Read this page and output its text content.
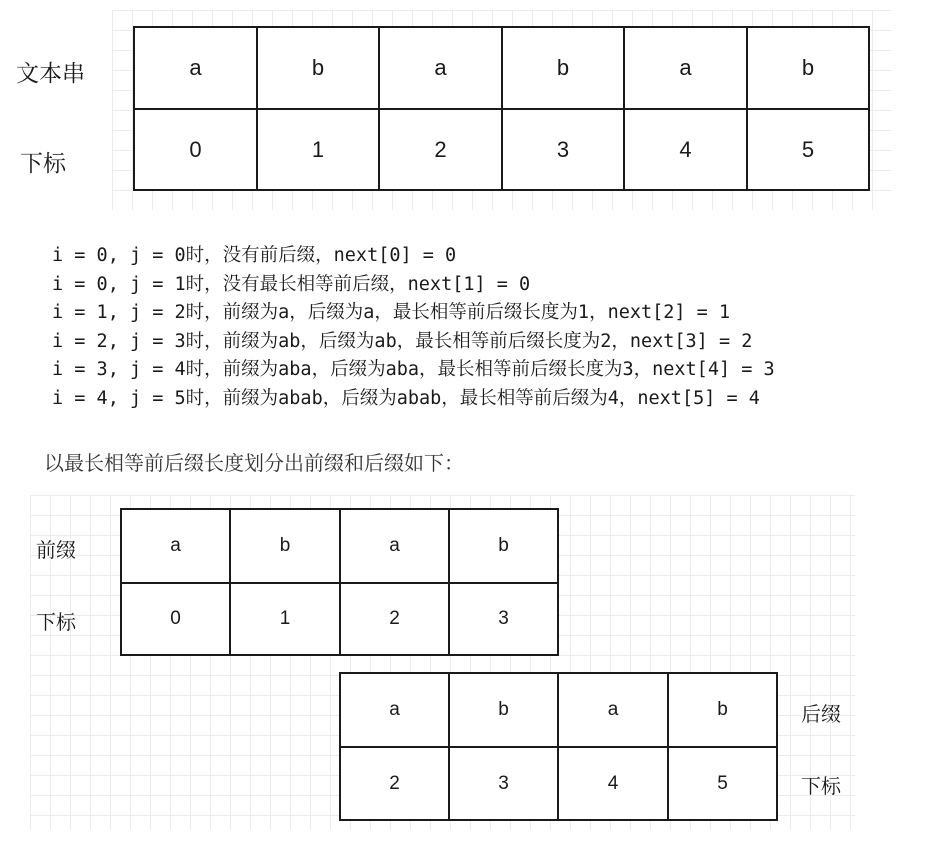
文本串
下标
a	b	a	b	a	b
0	1	2	3	4	5
i = 0, j = 0时，没有前后缀，next[0] = 0
i = 0, j = 1时，没有最长相等前后缀，next[1] = 0
i = 1, j = 2时，前缀为a，后缀为a，最长相等前后缀长度为1，next[2] = 1
i = 2, j = 3时，前缀为ab，后缀为ab，最长相等前后缀长度为2，next[3] = 2
i = 3, j = 4时，前缀为aba，后缀为aba，最长相等前后缀长度为3，next[4] = 3
i = 4, j = 5时，前缀为abab，后缀为abab，最长相等前后缀为4，next[5] = 4
以最长相等前后缀长度划分出前缀和后缀如下：
前缀
下标
a	b	a	b
0	1	2	3
a	b	a	b
2	3	4	5
后缀
下标
